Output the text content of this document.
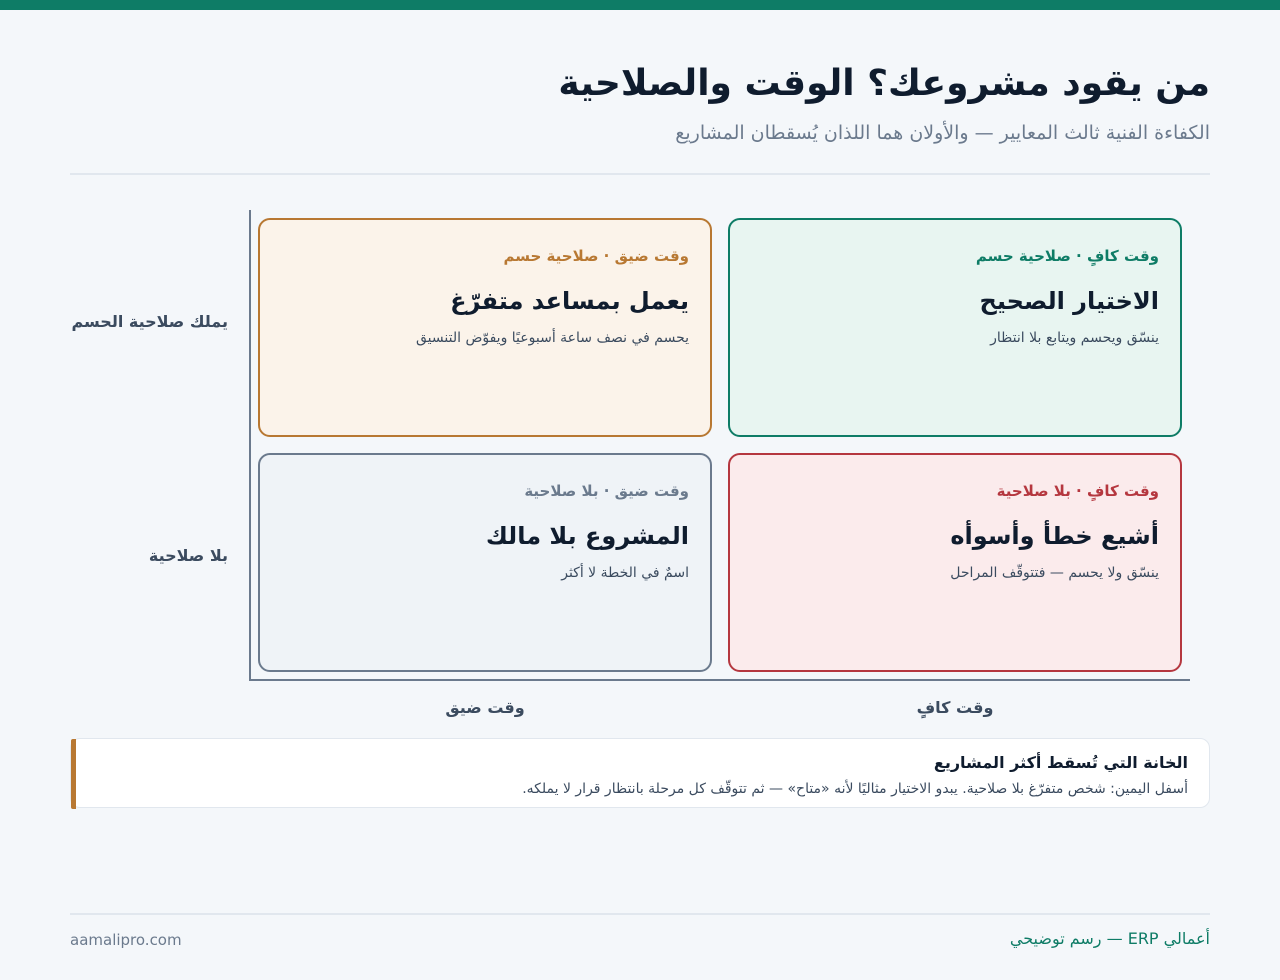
من يقود مشروعك؟ الوقت والصلاحية
الكفاءة الفنية ثالث المعايير — والأولان هما اللذان يُسقطان المشاريع
يملك صلاحية الحسم
بلا صلاحية
وقت ضيق · صلاحية حسم
يعمل بمساعد متفرّغ
يحسم في نصف ساعة أسبوعيًا ويفوّض التنسيق
وقت كافٍ · صلاحية حسم
الاختيار الصحيح
ينسّق ويحسم ويتابع بلا انتظار
وقت ضيق · بلا صلاحية
المشروع بلا مالك
اسمٌ في الخطة لا أكثر
وقت كافٍ · بلا صلاحية
أشيع خطأ وأسوأه
ينسّق ولا يحسم — فتتوقّف المراحل
وقت ضيق	وقت كافٍ
الخانة التي تُسقط أكثر المشاريع
أسفل اليمين: شخص متفرّغ بلا صلاحية. يبدو الاختيار مثاليًا لأنه «متاح» — ثم تتوقّف كل مرحلة بانتظار قرار لا يملكه.
أعمالي ERP — رسم توضيحي
aamalipro.com
